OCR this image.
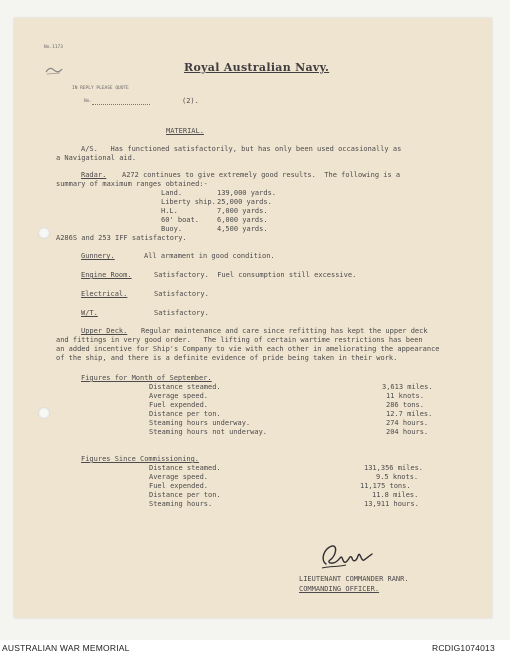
No.1173
Royal Australian Navy.
IN REPLY PLEASE QUOTE
No.	(2).
MATERIAL.
A/S.   Has functioned satisfactorily, but has only been used occasionally as
a Navigational aid.
Radar. A272 continues to give extremely good results.  The following is a
summary of maximum ranges obtained:-
Land.	139,000 yards.
Liberty ship. 25,000 yards.
H.L.	7,000 yards.
60' boat.	6,000 yards.
Buoy.	4,500 yards.
A286S and 253 IFF satisfactory.
Gunnery.	All armament in good condition.
Engine Room.	Satisfactory.  Fuel consumption still excessive.
Electrical.	Satisfactory.
W/T.	Satisfactory.
Upper Deck. Regular maintenance and care since refitting has kept the upper deck
and fittings in very good order.   The lifting of certain wartime restrictions has been
an added incentive for Ship's Company to vie with each other in ameliorating the appearance
of the ship, and there is a definite evidence of pride being taken in their work.
Figures for Month of September.
Distance steamed.	3,613 miles.
Average speed.	11 knots.
Fuel expended.	286 tons.
Distance per ton.	12.7 miles.
Steaming hours underway.	274 hours.
Steaming hours not underway.	204 hours.
Figures Since Commissioning.
Distance steamed.	131,356 miles.
Average speed.	9.5 knots.
Fuel expended.	11,175 tons.
Distance per ton.	11.8 miles.
Steaming hours.	13,911 hours.
LIEUTENANT COMMANDER RANR.
COMMANDING OFFICER.
AUSTRALIAN WAR MEMORIAL	RCDIG1074013
